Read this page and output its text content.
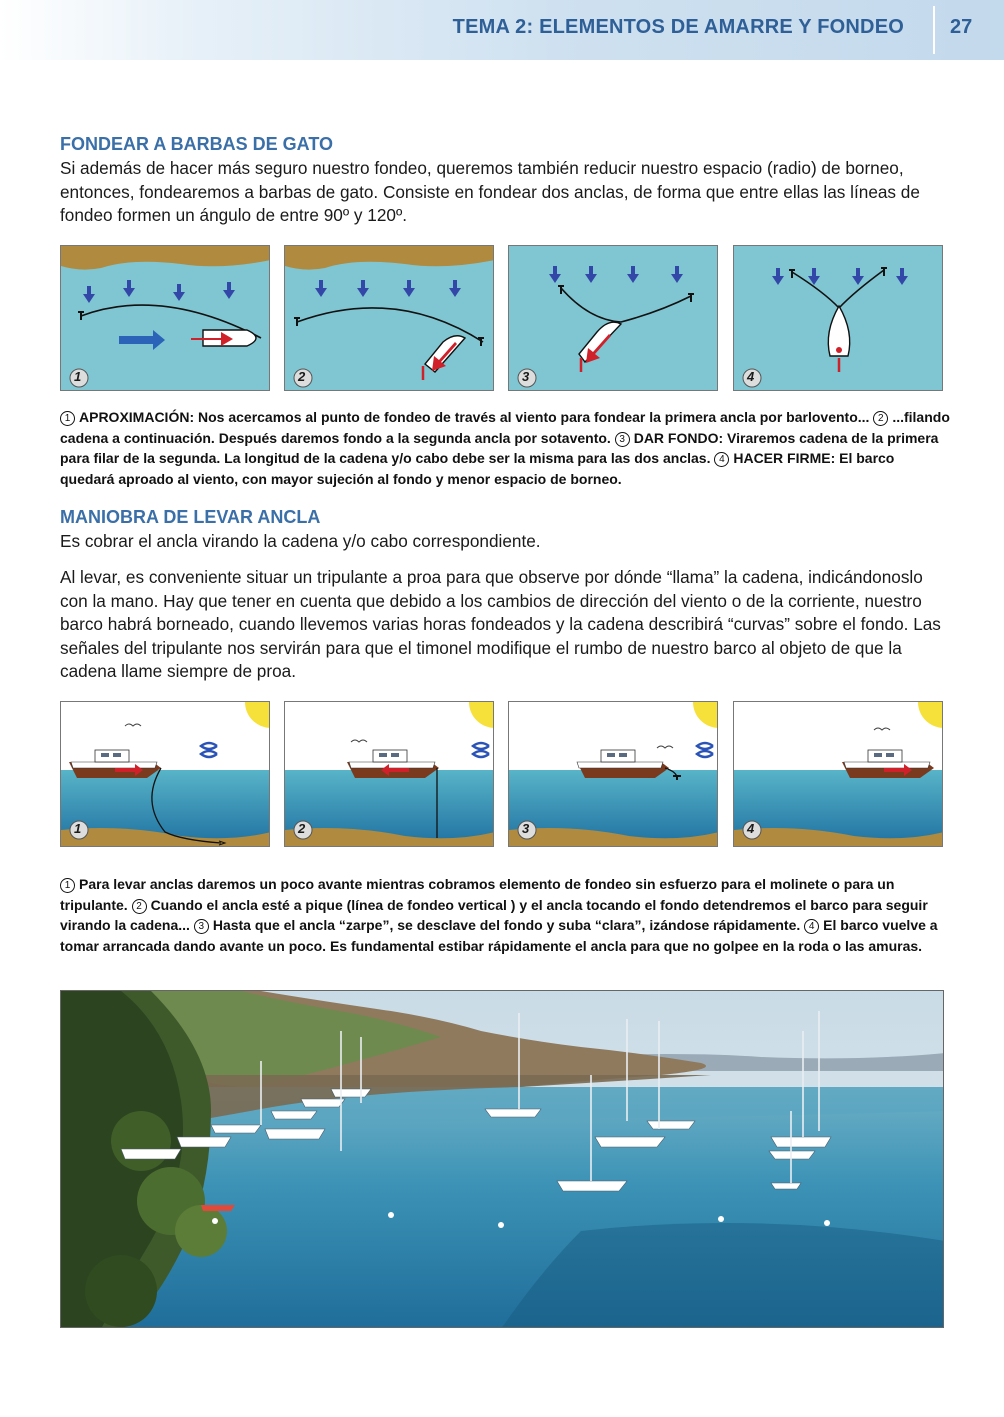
TEMA 2: ELEMENTOS DE AMARRE Y FONDEO 27
FONDEAR A BARBAS DE GATO

Si además de hacer más seguro nuestro fondeo, queremos también reducir nuestro espacio (radio) de borneo, entonces, fondearemos a barbas de gato. Consiste en fondear dos anclas, de forma que entre ellas las líneas de fondeo formen un ángulo de entre 90º y 120º.

1	2	3	4

1 APROXIMACIÓN: Nos acercamos al punto de fondeo de través al viento para fondear la primera ancla por barlovento... 2 ...filando cadena a continuación. Después daremos fondo a la segunda ancla por sotavento. 3 DAR FONDO: Viraremos cadena de la primera para filar de la segunda. La longitud de la cadena y/o cabo debe ser la misma para las dos anclas. 4 HACER FIRME: El barco quedará aproado al viento, con mayor sujeción al fondo y menor espacio de borneo.

MANIOBRA DE LEVAR ANCLA

Es cobrar el ancla virando la cadena y/o cabo correspondiente.

Al levar, es conveniente situar un tripulante a proa para que observe por dónde “llama” la cadena, indicándonoslo con la mano. Hay que tener en cuenta que debido a los cambios de dirección del viento o de la corriente, nuestro barco habrá borneado, cuando llevemos varias horas fondeados y la cadena describirá “curvas” sobre el fondo. Las señales del tripulante nos servirán para que el timonel modifique el rumbo de nuestro barco al objeto de que la cadena llame siempre de proa.

1	2	3	4

1 Para levar anclas daremos un poco avante mientras cobramos elemento de fondeo sin esfuerzo para el molinete o para un tripulante. 2 Cuando el ancla esté a pique (línea de fondeo vertical ) y el ancla tocando el fondo detendremos el barco para seguir virando la cadena... 3 Hasta que el ancla “zarpe”, se desclave del fondo y suba “clara”, izándose rápidamente. 4 El barco vuelve a tomar arrancada dando avante un poco. Es fundamental estibar rápidamente el ancla para que no golpee en la roda o las amuras.
